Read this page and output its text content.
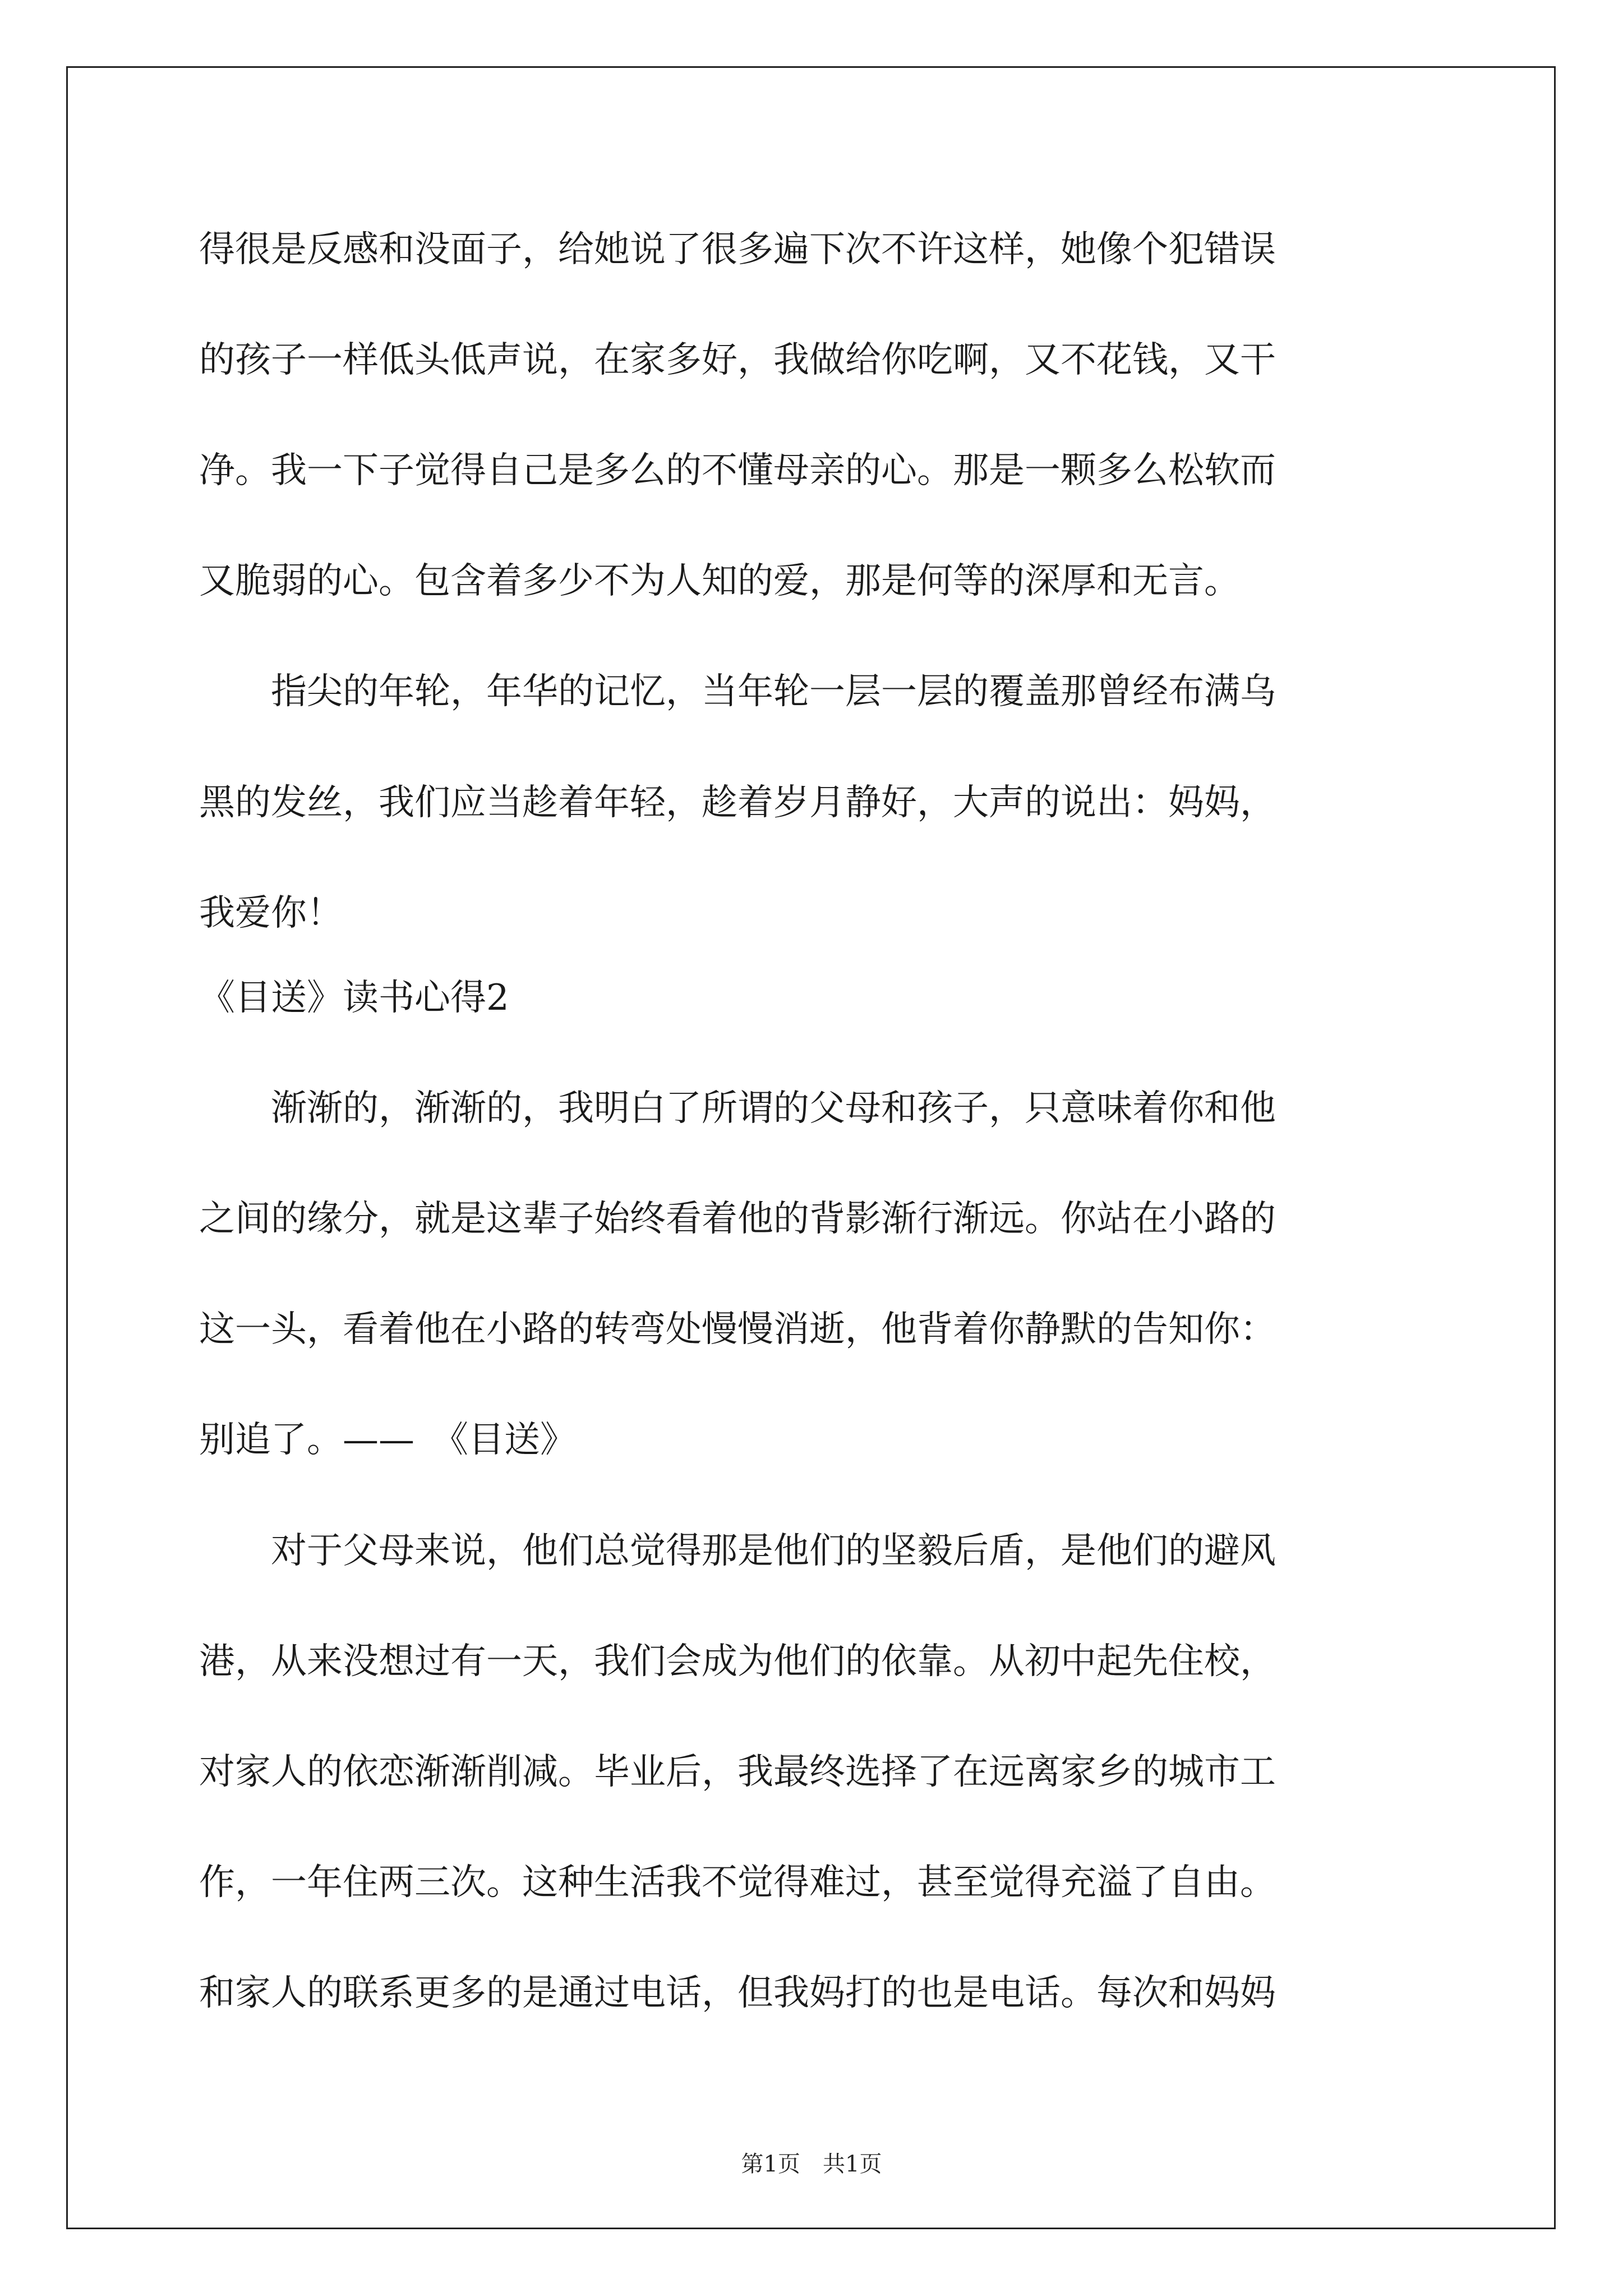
得很是反感和没面子，给她说了很多遍下次不许这样，她像个犯错误
的孩子一样低头低声说，在家多好，我做给你吃啊，又不花钱，又干
净。我一下子觉得自己是多么的不懂母亲的心。那是一颗多么松软而
又脆弱的心。包含着多少不为人知的爱，那是何等的深厚和无言。
　　指尖的年轮，年华的记忆，当年轮一层一层的覆盖那曾经布满乌
黑的发丝，我们应当趁着年轻，趁着岁月静好，大声的说出：妈妈，
我爱你！
《目送》读书心得2
　　渐渐的，渐渐的，我明白了所谓的父母和孩子，只意味着你和他
之间的缘分，就是这辈子始终看着他的背影渐行渐远。你站在小路的
这一头，看着他在小路的转弯处慢慢消逝，他背着你静默的告知你：
别追了。——　《目送》
　　对于父母来说，他们总觉得那是他们的坚毅后盾，是他们的避风
港，从来没想过有一天，我们会成为他们的依靠。从初中起先住校，
对家人的依恋渐渐削减。毕业后，我最终选择了在远离家乡的城市工
作，一年住两三次。这种生活我不觉得难过，甚至觉得充溢了自由。
和家人的联系更多的是通过电话，但我妈打的也是电话。每次和妈妈
第1页　共1页
